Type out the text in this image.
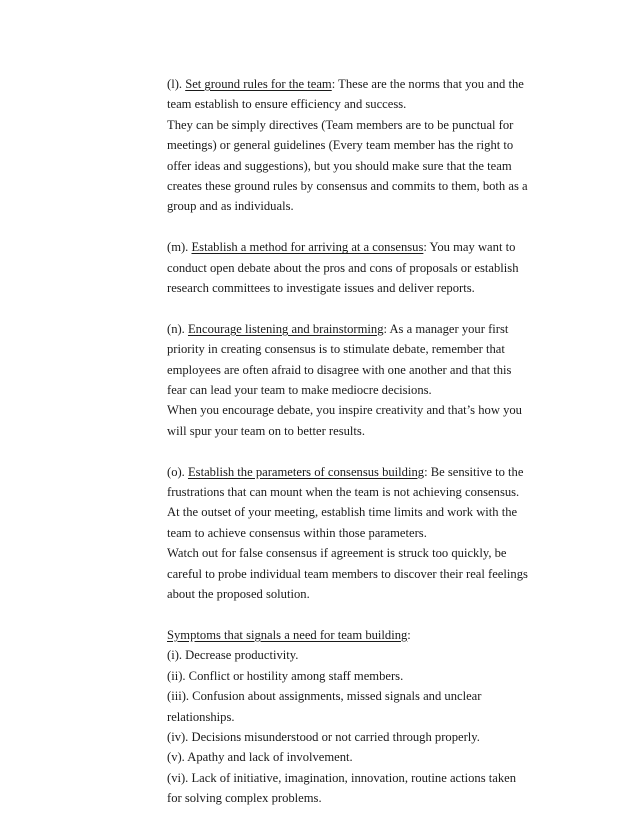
(l). Set ground rules for the team: These are the norms that you and the
team establish to ensure efficiency and success.
They can be simply directives (Team members are to be punctual for
meetings) or general guidelines (Every team member has the right to
offer ideas and suggestions), but you should make sure that the team
creates these ground rules by consensus and commits to them, both as a
group and as individuals.

(m). Establish a method for arriving at a consensus: You may want to
conduct open debate about the pros and cons of proposals or establish
research committees to investigate issues and deliver reports.

(n). Encourage listening and brainstorming: As a manager your first
priority in creating consensus is to stimulate debate, remember that
employees are often afraid to disagree with one another and that this
fear can lead your team to make mediocre decisions.
When you encourage debate, you inspire creativity and that’s how you
will spur your team on to better results.

(o). Establish the parameters of consensus building: Be sensitive to the
frustrations that can mount when the team is not achieving consensus.
At the outset of your meeting, establish time limits and work with the
team to achieve consensus within those parameters.
Watch out for false consensus if agreement is struck too quickly, be
careful to probe individual team members to discover their real feelings
about the proposed solution.

Symptoms that signals a need for team building:
(i). Decrease productivity.
(ii). Conflict or hostility among staff members.
(iii). Confusion about assignments, missed signals and unclear
relationships.
(iv). Decisions misunderstood or not carried through properly.
(v). Apathy and lack of involvement.
(vi). Lack of initiative, imagination, innovation, routine actions taken
for solving complex problems.
